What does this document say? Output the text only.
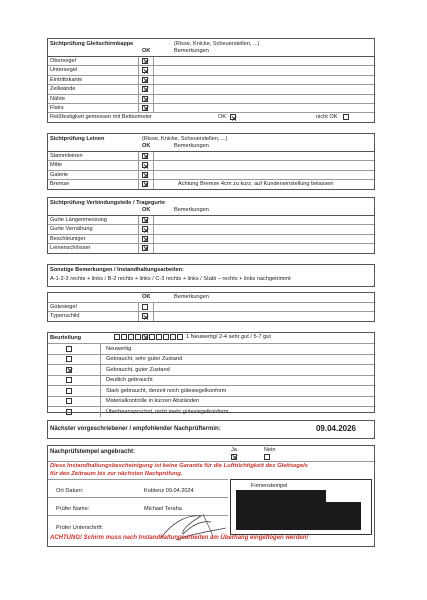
Sichtprüfung Gleitschirmkappe	(Risse, Knicke, Scheuerstellen, ...)
OK	Bemerkungen
Obersegel
Untersegel
Eintrittskante
Zellwände
Nähte
Flairs
Reißfestigkeit gemessen mit Bettsometer	OK	nicht OK
Sichtprüfung Leinen	(Risse, Knicke, Scheuerstellen, ...)
OK	Bemerkungen
Stammleinen
Mitte
Galerie
Bremse	Achtung Bremse 4cm zu kurz, auf Kundeneinstellung belassen
Sichtprüfung Verbindungsteile / Tragegurte
OK	Bemerkungen
Gurte Längenmessung
Gurte Vernähung
Beschleuniger
Leinenschlösser
Sonstige Bemerkungen / Instandhaltungsarbeiten:
A-1-2-3 rechts + links / B-2 rechts + links / C-3 rechts + links / Stabi – rechts + links nachgetrimmt
OK	Bemerkungen
Gütesiegel
Typenschild
Beurteilung	1 Neuwertig/ 2-4 sehr gut / 5-7 gut
Neuwertig
Gebraucht, sehr guter Zustand
Gebraucht, guter Zustand
Deutlich gebraucht
Stark gebraucht, derzeit noch gütesiegelkonform
Materialkontrolle in kurzen Abständen
Überbeanspruchnt, nicht mehr gütesiegelkonform
Nächster vorgeschriebener / empfohlender Nachprüftermin:	09.04.2026
Nachprüfstempel angebracht:	Ja	Nein
Diese Instandhaltungsbescheinigung ist keine Garantie für die Lufttüchtigkeit des Gleitsegels
für den Zeitraum bis zur nächsten Nachprüfung.
Ort Datum:	Koblenz 09.04.2024
Prüfer Name:	Michael Teraha
Prüfer Unterschrift:
Firmenstempel
ACHTUNG! Schirm muss nach Instandhaltungsarbeiten am Überhang eingeflogen werden!
